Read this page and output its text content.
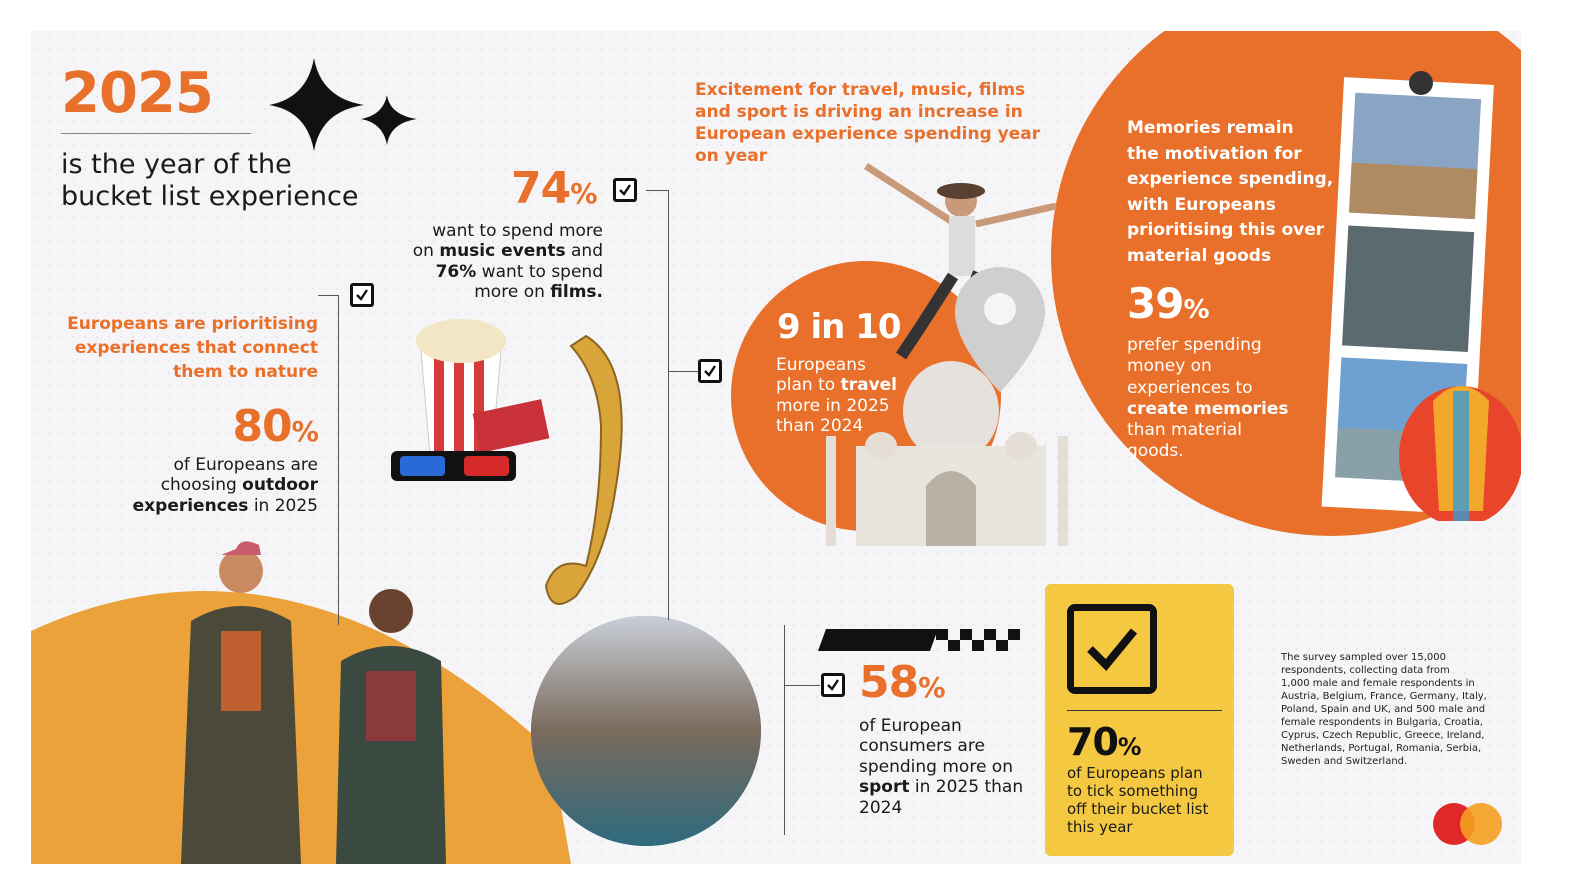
2025
is the year of the
bucket list experience
Europeans are prioritising
experiences that connect
them to nature
80%
of Europeans are
choosing outdoor
experiences in 2025
74%
want to spend more
on music events and
76% want to spend
more on films.
Excitement for travel, music, films
and sport is driving an increase in
European experience spending year
on year
9 in 10
Europeans
plan to travel
more in 2025
than 2024
Memories remain
the motivation for
experience spending,
with Europeans
prioritising this over
material goods
39%
prefer spending
money on
experiences to
create memories
than material
goods.
58%
of European
consumers are
spending more on
sport in 2025 than
2024
70%
of Europeans plan
to tick something
off their bucket list
this year
The survey sampled over 15,000
respondents, collecting data from
1,000 male and female respondents in
Austria, Belgium, France, Germany, Italy,
Poland, Spain and UK, and 500 male and
female respondents in Bulgaria, Croatia,
Cyprus, Czech Republic, Greece, Ireland,
Netherlands, Portugal, Romania, Serbia,
Sweden and Switzerland.
